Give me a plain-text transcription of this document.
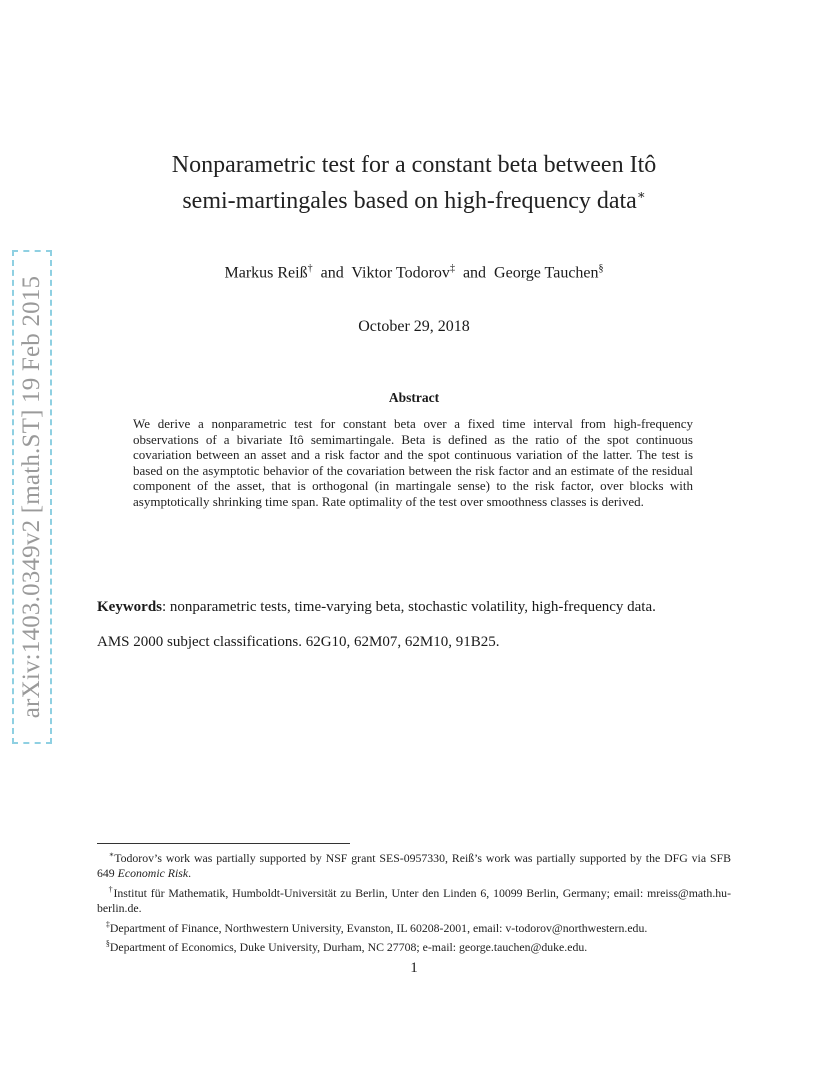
arXiv:1403.0349v2 [math.ST] 19 Feb 2015
Nonparametric test for a constant beta between Itô
semi-martingales based on high-frequency data∗
Markus Reiß† and Viktor Todorov‡ and George Tauchen§
October 29, 2018
Abstract
We derive a nonparametric test for constant beta over a fixed time interval from high-frequency observations of a bivariate Itô semimartingale. Beta is defined as the ratio of the spot continuous covariation between an asset and a risk factor and the spot continuous variation of the latter. The test is based on the asymptotic behavior of the covariation between the risk factor and an estimate of the residual component of the asset, that is orthogonal (in martingale sense) to the risk factor, over blocks with asymptotically shrinking time span. Rate optimality of the test over smoothness classes is derived.
Keywords: nonparametric tests, time-varying beta, stochastic volatility, high-frequency data.
AMS 2000 subject classifications. 62G10, 62M07, 62M10, 91B25.
∗Todorov’s work was partially supported by NSF grant SES-0957330, Reiß’s work was partially supported by the DFG via SFB 649 Economic Risk.
†Institut für Mathematik, Humboldt-Universität zu Berlin, Unter den Linden 6, 10099 Berlin, Germany; email: mreiss@math.hu-berlin.de.
‡Department of Finance, Northwestern University, Evanston, IL 60208-2001, email: v-todorov@northwestern.edu.
§Department of Economics, Duke University, Durham, NC 27708; e-mail: george.tauchen@duke.edu.
1
